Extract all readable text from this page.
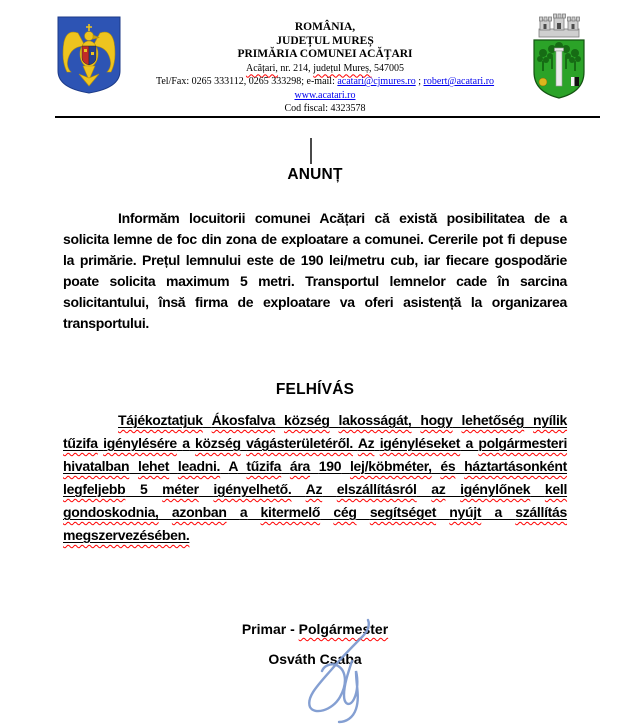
ROMÂNIA,
JUDEȚUL MUREȘ
PRIMĂRIA COMUNEI ACĂȚARI
Acățari, nr. 214, județul Mureș, 547005
Tel/Fax: 0265 333112, 0265 333298; e-mail: acatari@cjmures.ro ; robert@acatari.ro
www.acatari.ro
Cod fiscal: 4323578
ANUNȚ

Informăm locuitorii comunei Acățari că există posibilitatea de a solicita lemne de foc din zona de exploatare a comunei. Cererile pot fi depuse la primărie. Prețul lemnului este de 190 lei/metru cub, iar fiecare gospodărie poate solicita maximum 5 metri. Transportul lemnelor cade în sarcina solicitantului, însă firma de exploatare va oferi asistență la organizarea transportului.

FELHÍVÁS

Tájékoztatjuk Ákosfalva község lakosságát, hogy lehetőség nyílik tűzifa igénylésére a község vágásterületéről. Az igényléseket a polgármesteri hivatalban lehet leadni. A tűzifa ára 190 lej/köbméter, és háztartásonként legfeljebb 5 méter igényelhető. Az elszállításról az igénylőnek kell gondoskodnia, azonban a kitermelő cég segítséget nyújt a szállítás megszervezésében.

Primar - Polgármester
Osváth Csaba
